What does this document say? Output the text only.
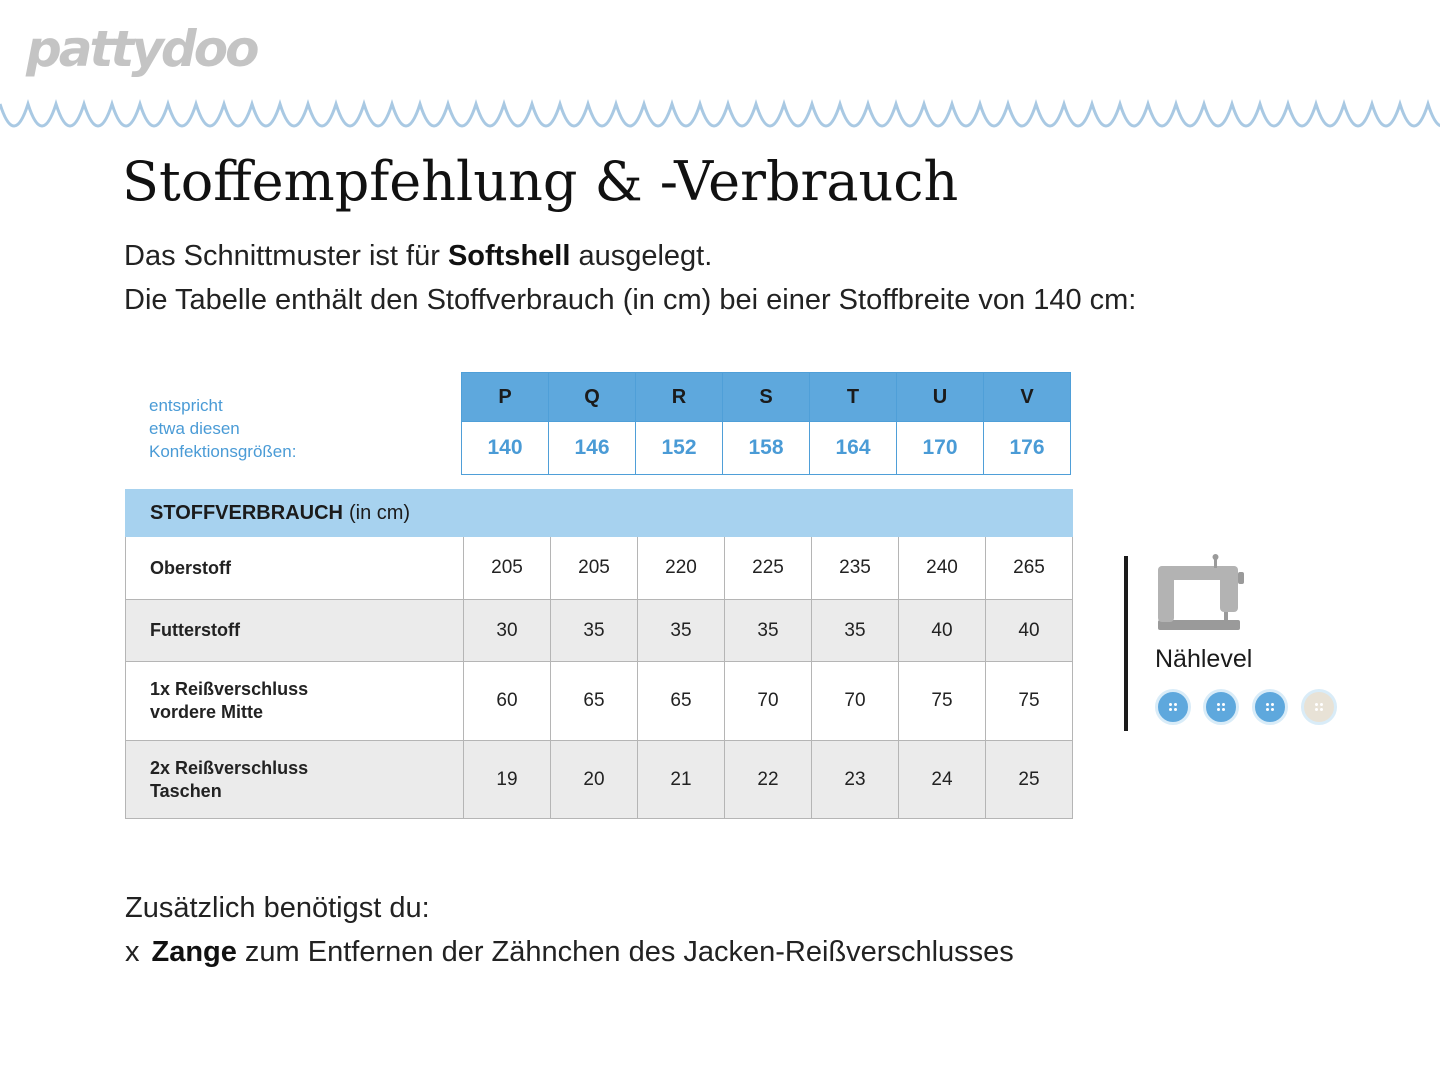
pattydoo
Stoffempfehlung & -Verbrauch
Das Schnittmuster ist für Softshell ausgelegt.
Die Tabelle enthält den Stoffverbrauch (in cm) bei einer Stoffbreite von 140 cm:
entspricht
etwa diesen
Konfektionsgrößen:
P	Q	R	S	T	U	V
140	146	152	158	164	170	176
STOFFVERBRAUCH (in cm)							

Oberstoff	205	205	220	225	235	240	265

Futterstoff	30	35	35	35	35	40	40

1x Reißverschluss
vordere Mitte	60	65	65	70	70	75	75

2x Reißverschluss
Taschen	19	20	21	22	23	24	25
Nählevel
Zusätzlich benötigst du:
x Zange zum Entfernen der Zähnchen des Jacken-Reißverschlusses
